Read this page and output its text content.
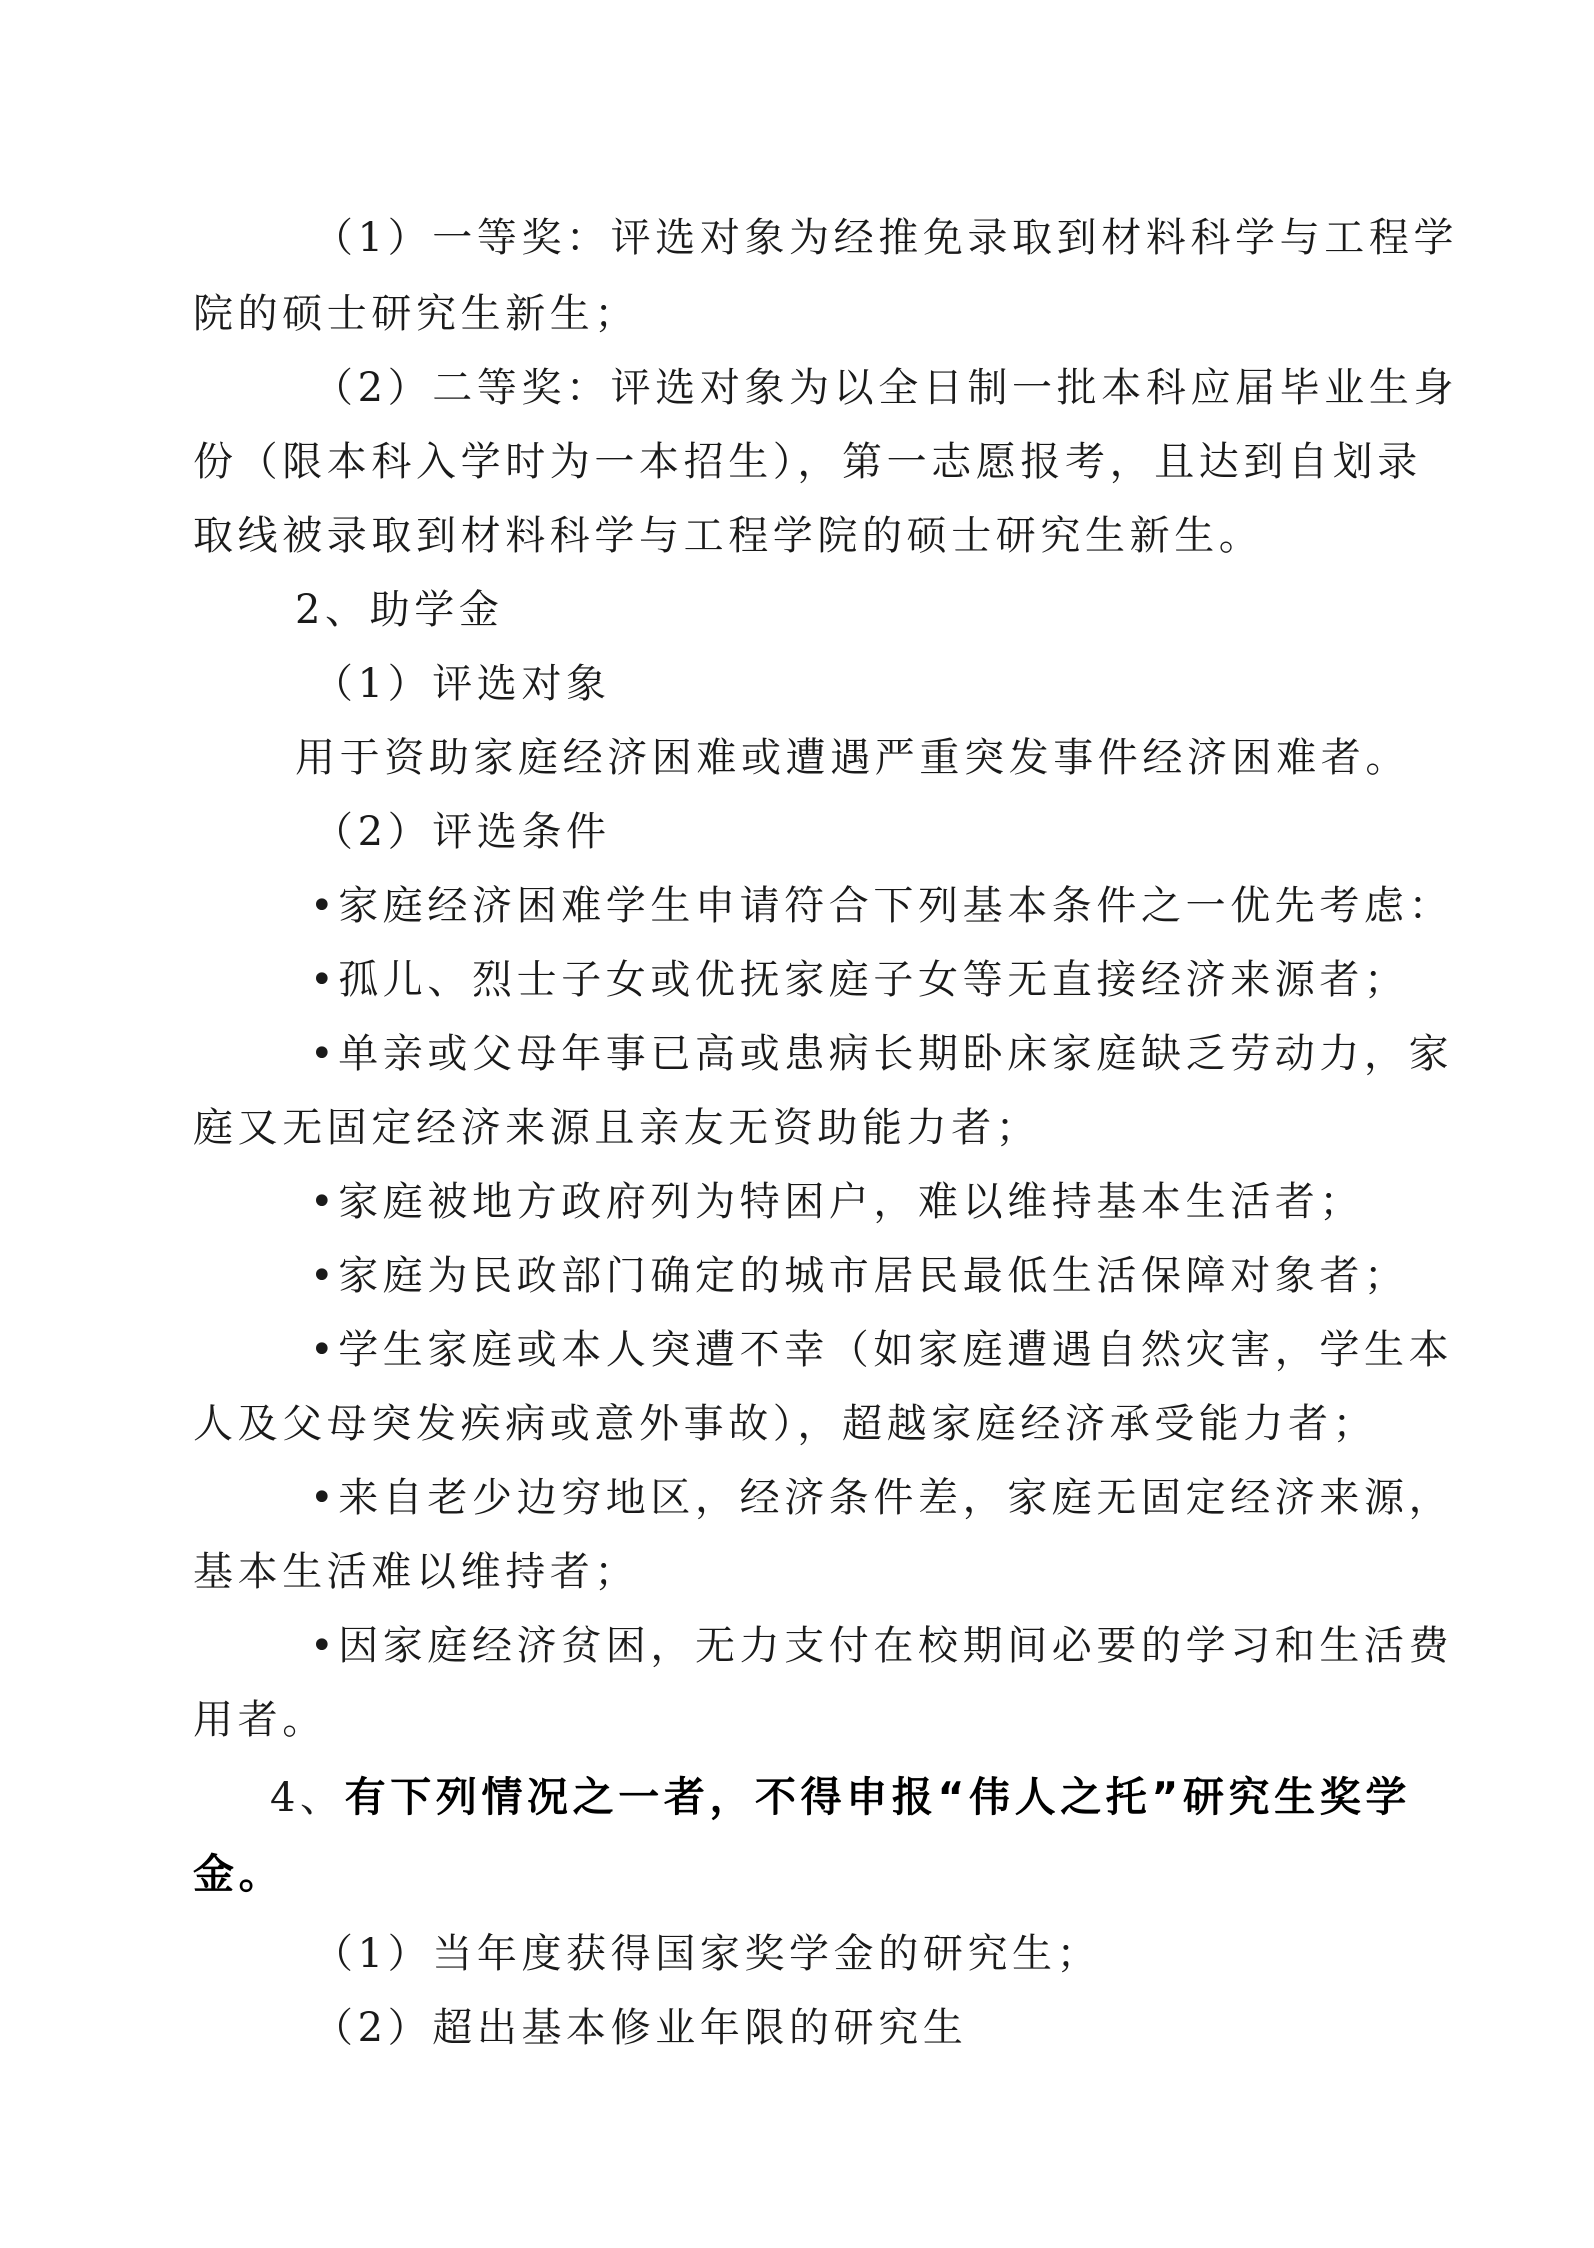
（1）一等奖：评选对象为经推免录取到材料科学与工程学
院的硕士研究生新生；
（2）二等奖：评选对象为以全日制一批本科应届毕业生身
份（限本科入学时为一本招生），第一志愿报考，且达到自划录
取线被录取到材料科学与工程学院的硕士研究生新生。
2、助学金
（1）评选对象
用于资助家庭经济困难或遭遇严重突发事件经济困难者。
（2）评选条件
•家庭经济困难学生申请符合下列基本条件之一优先考虑：
•孤儿、烈士子女或优抚家庭子女等无直接经济来源者；
•单亲或父母年事已高或患病长期卧床家庭缺乏劳动力，家
庭又无固定经济来源且亲友无资助能力者；
•家庭被地方政府列为特困户，难以维持基本生活者；
•家庭为民政部门确定的城市居民最低生活保障对象者；
•学生家庭或本人突遭不幸（如家庭遭遇自然灾害，学生本
人及父母突发疾病或意外事故），超越家庭经济承受能力者；
•来自老少边穷地区，经济条件差，家庭无固定经济来源，
基本生活难以维持者；
•因家庭经济贫困，无力支付在校期间必要的学习和生活费
用者。
4、有下列情况之一者，不得申报“伟人之托”研究生奖学
金。
（1）当年度获得国家奖学金的研究生；
（2）超出基本修业年限的研究生
